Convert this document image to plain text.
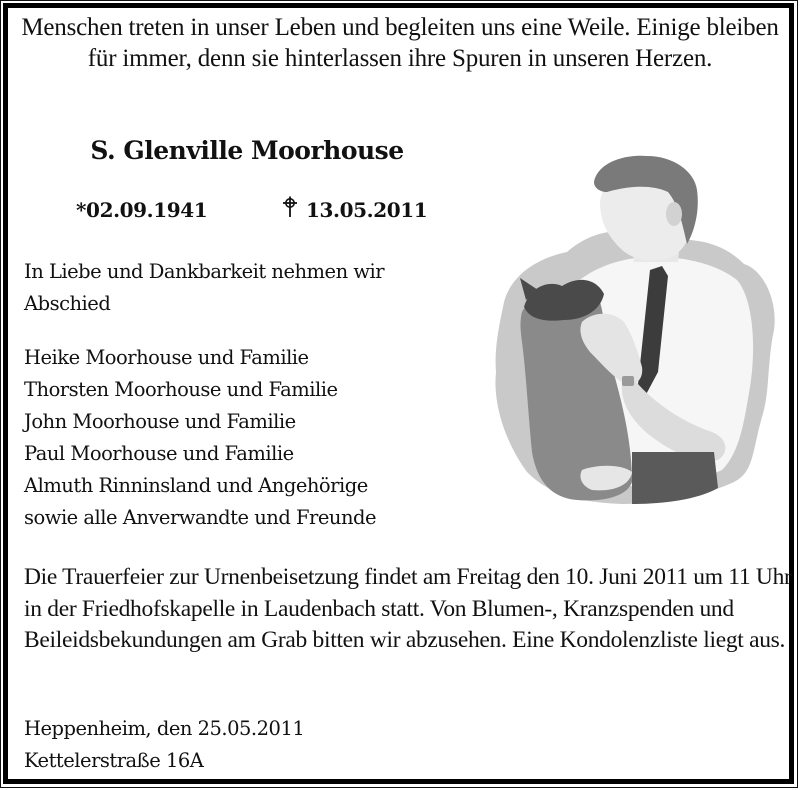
Menschen treten in unser Leben und begleiten uns eine Weile. Einige bleiben für immer, denn sie hinterlassen ihre Spuren in unseren Herzen.
S. Glenville Moorhouse
*02.09.1941	13.05.2011
In Liebe und Dankbarkeit nehmen wir Abschied
Heike Moorhouse und Familie
Thorsten Moorhouse und Familie
John Moorhouse und Familie
Paul Moorhouse und Familie
Almuth Rinninsland und Angehörige
sowie alle Anverwandte und Freunde
Die Trauerfeier zur Urnenbeisetzung findet am Freitag den 10. Juni 2011 um 11 Uhr in der Friedhofskapelle in Laudenbach statt. Von Blumen-, Kranzspenden und Beileidsbekundungen am Grab bitten wir abzusehen. Eine Kondolenzliste liegt aus.
Heppenheim, den 25.05.2011
Kettelerstraße 16A
